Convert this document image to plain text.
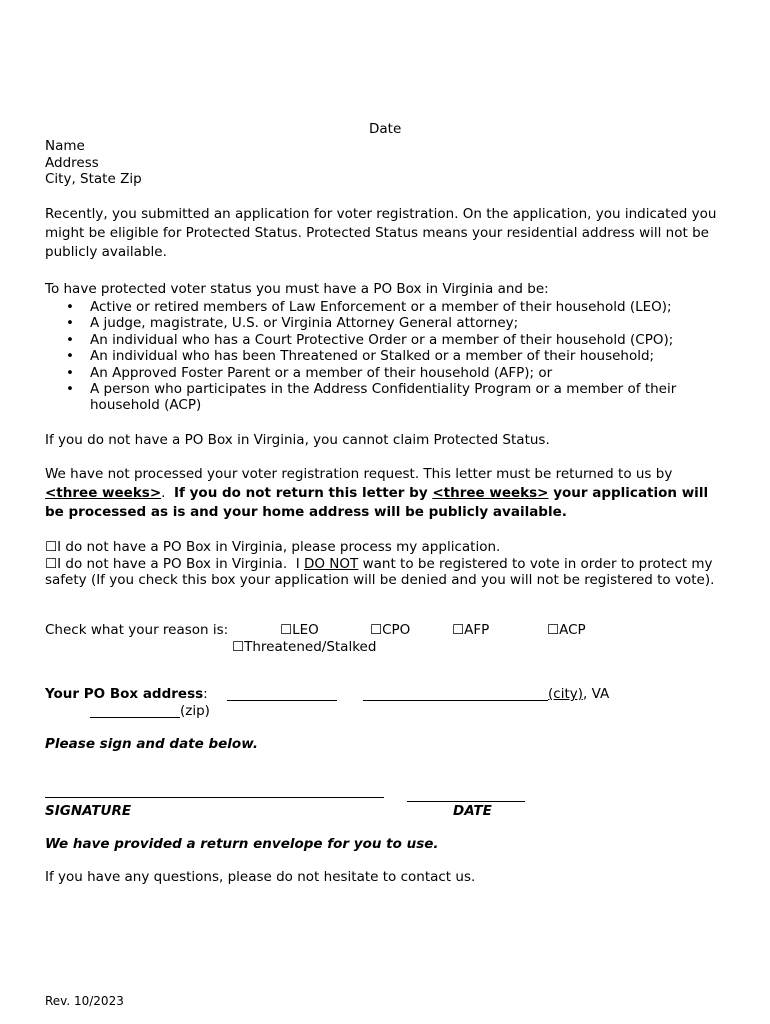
Date
Name
Address
City, State Zip
Recently, you submitted an application for voter registration. On the application, you indicated you might be eligible for Protected Status. Protected Status means your residential address will not be publicly available.
To have protected voter status you must have a PO Box in Virginia and be:
• Active or retired members of Law Enforcement or a member of their household (LEO);
• A judge, magistrate, U.S. or Virginia Attorney General attorney;
• An individual who has a Court Protective Order or a member of their household (CPO);
• An individual who has been Threatened or Stalked or a member of their household;
• An Approved Foster Parent or a member of their household (AFP); or
• A person who participates in the Address Confidentiality Program or a member of their household (ACP)
If you do not have a PO Box in Virginia, you cannot claim Protected Status.
We have not processed your voter registration request. This letter must be returned to us by <three weeks>.  If you do not return this letter by <three weeks> your application will be processed as is and your home address will be publicly available.
☐I do not have a PO Box in Virginia, please process my application.
☐I do not have a PO Box in Virginia.  I DO NOT want to be registered to vote in order to protect my safety (If you check this box your application will be denied and you will not be registered to vote).
Check what your reason is:	☐LEO	☐CPO	☐AFP	☐ACP
☐Threatened/Stalked
Your PO Box address:	(city), VA
(zip)
Please sign and date below.
SIGNATURE	DATE
We have provided a return envelope for you to use.
If you have any questions, please do not hesitate to contact us.
Rev. 10/2023
